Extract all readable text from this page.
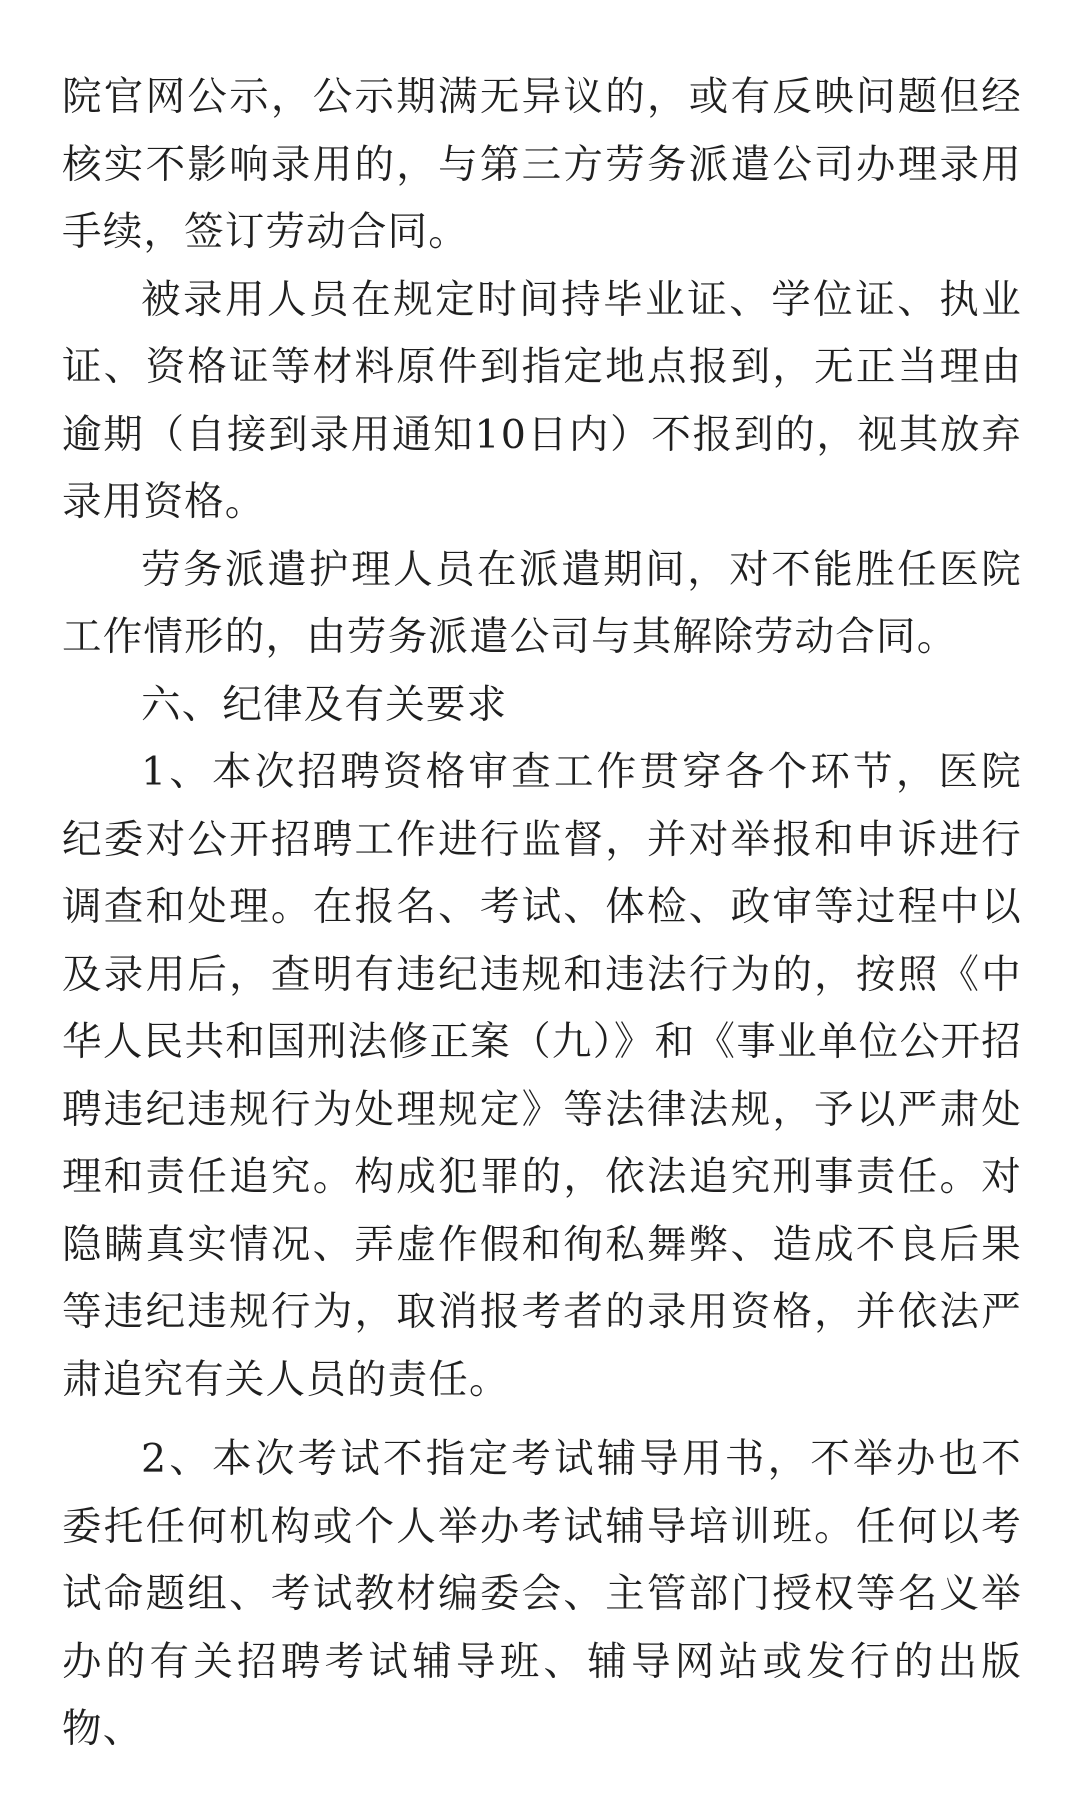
院官网公示，公示期满无异议的，或有反映问题但经核实不影响录用的，与第三方劳务派遣公司办理录用手续，签订劳动合同。

被录用人员在规定时间持毕业证、学位证、执业证、资格证等材料原件到指定地点报到，无正当理由逾期（自接到录用通知10日内）不报到的，视其放弃录用资格。

劳务派遣护理人员在派遣期间，对不能胜任医院工作情形的，由劳务派遣公司与其解除劳动合同。

六、纪律及有关要求

1、本次招聘资格审查工作贯穿各个环节，医院纪委对公开招聘工作进行监督，并对举报和申诉进行调查和处理。在报名、考试、体检、政审等过程中以及录用后，查明有违纪违规和违法行为的，按照《中华人民共和国刑法修正案（九）》和《事业单位公开招聘违纪违规行为处理规定》等法律法规，予以严肃处理和责任追究。构成犯罪的，依法追究刑事责任。对隐瞒真实情况、弄虚作假和徇私舞弊、造成不良后果等违纪违规行为，取消报考者的录用资格，并依法严肃追究有关人员的责任。

2、本次考试不指定考试辅导用书，不举办也不委托任何机构或个人举办考试辅导培训班。任何以考试命题组、考试教材编委会、主管部门授权等名义举办的有关招聘考试辅导班、辅导网站或发行的出版物、
